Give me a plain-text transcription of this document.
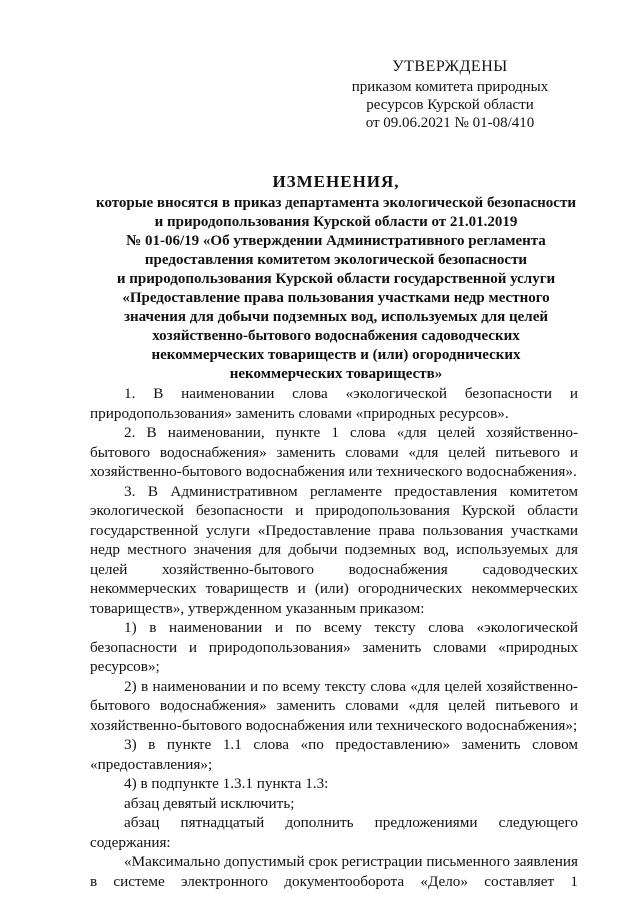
УТВЕРЖДЕНЫ
приказом комитета природных
ресурсов Курской области
от 09.06.2021 № 01-08/410
ИЗМЕНЕНИЯ,
которые вносятся в приказ департамента экологической безопасности
и природопользования Курской области от 21.01.2019
№ 01-06/19 «Об утверждении Административного регламента
предоставления комитетом экологической безопасности
и природопользования Курской области государственной услуги
«Предоставление права пользования участками недр местного
значения для добычи подземных вод, используемых для целей
хозяйственно-бытового водоснабжения садоводческих
некоммерческих товариществ и (или) огороднических
некоммерческих товариществ»

1. В наименовании слова «экологической безопасности и природопользования» заменить словами «природных ресурсов».

2. В наименовании, пункте 1 слова «для целей хозяйственно-бытового водоснабжения» заменить словами «для целей питьевого и хозяйственно-бытового водоснабжения или технического водоснабжения».

3. В Административном регламенте предоставления комитетом экологической безопасности и природопользования Курской области государственной услуги «Предоставление права пользования участками недр местного значения для добычи подземных вод, используемых для целей хозяйственно-бытового водоснабжения садоводческих некоммерческих товариществ и (или) огороднических некоммерческих товариществ», утвержденном указанным приказом:

1) в наименовании и по всему тексту слова «экологической безопасности и природопользования» заменить словами «природных ресурсов»;

2) в наименовании и по всему тексту слова «для целей хозяйственно-бытового водоснабжения» заменить словами «для целей питьевого и хозяйственно-бытового водоснабжения или технического водоснабжения»;

3) в пункте 1.1 слова «по предоставлению» заменить словом «предоставления»;

4) в подпункте 1.3.1 пункта 1.3:

абзац девятый исключить;

абзац пятнадцатый дополнить предложениями следующего содержания:

«Максимально допустимый срок регистрации письменного заявления в системе электронного документооборота «Дело» составляет 1
